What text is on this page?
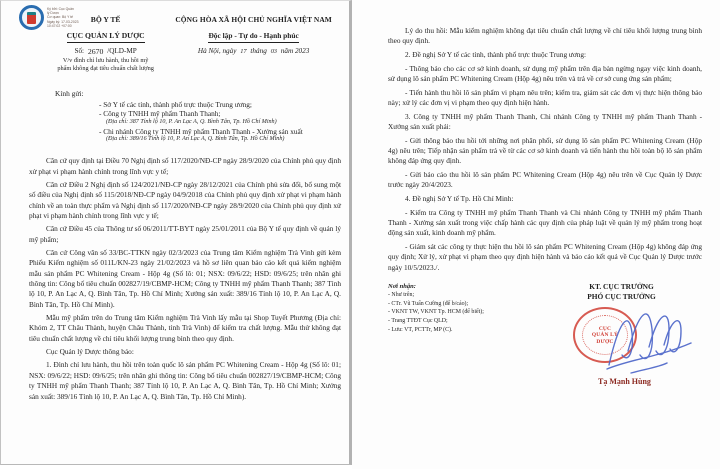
Ký bởi: Cục Quản
lý Dược
Cơ quan: Bộ Y tế
Ngày ký: 17-03-2023
10:47:02 +07:00
BỘ Y TẾ
CỤC QUẢN LÝ DƯỢC
Số: 2670 /QLD-MP
V/v đình chỉ lưu hành, thu hồi mỹ
phẩm không đạt tiêu chuẩn chất lượng
CỘNG HÒA XÃ HỘI CHỦ NGHĨA VIỆT NAM
Độc lập - Tự do - Hạnh phúc
Hà Nội, ngày 17 tháng 03 năm 2023
Kính gửi:
- Sở Y tế các tỉnh, thành phố trực thuộc Trung ương;
- Công ty TNHH mỹ phẩm Thanh Thanh;
(Địa chỉ: 387 Tỉnh lộ 10, P. An Lạc A, Q. Bình Tân, Tp. Hồ Chí Minh)
- Chi nhánh Công ty TNHH mỹ phẩm Thanh Thanh - Xưởng sản xuất
(Địa chỉ: 389/16 Tỉnh lộ 10, P. An Lạc A, Q. Bình Tân, Tp. Hồ Chí Minh)

Căn cứ quy định tại Điều 70 Nghị định số 117/2020/NĐ-CP ngày 28/9/2020 của Chính phủ quy định xử phạt vi phạm hành chính trong lĩnh vực y tế;

Căn cứ Điều 2 Nghị định số 124/2021/NĐ-CP ngày 28/12/2021 của Chính phủ sửa đổi, bổ sung một số điều của Nghị định số 115/2018/NĐ-CP ngày 04/9/2018 của Chính phủ quy định xử phạt vi phạm hành chính về an toàn thực phẩm và Nghị định số 117/2020/NĐ-CP ngày 28/9/2020 của Chính phủ quy định xử phạt vi phạm hành chính trong lĩnh vực y tế;

Căn cứ Điều 45 của Thông tư số 06/2011/TT-BYT ngày 25/01/2011 của Bộ Y tế quy định về quản lý mỹ phẩm;

Căn cứ Công văn số 33/BC-TTKN ngày 02/3/2023 của Trung tâm Kiểm nghiệm Trà Vinh gửi kèm Phiếu Kiểm nghiệm số 011L/KN-23 ngày 21/02/2023 và hồ sơ liên quan báo cáo kết quả kiểm nghiệm mẫu sản phẩm PC Whitening Cream - Hộp 4g (Số lô: 01; NSX: 09/6/22; HSD: 09/6/25; trên nhãn ghi thông tin: Công bố tiêu chuẩn 002827/19/CBMP-HCM; Công ty TNHH mỹ phẩm Thanh Thanh; 387 Tỉnh lộ 10, P. An Lạc A, Q. Bình Tân, Tp. Hồ Chí Minh; Xưởng sản xuất: 389/16 Tỉnh lộ 10, P. An Lạc A, Q. Bình Tân, Tp. Hồ Chí Minh).

Mẫu mỹ phẩm trên do Trung tâm Kiểm nghiệm Trà Vinh lấy mẫu tại Shop Tuyết Phương (Địa chỉ: Khóm 2, TT Châu Thành, huyện Châu Thành, tỉnh Trà Vinh) để kiểm tra chất lượng. Mẫu thử không đạt tiêu chuẩn chất lượng về chỉ tiêu khối lượng trung bình theo quy định.

Cục Quản lý Dược thông báo:

1. Đình chỉ lưu hành, thu hồi trên toàn quốc lô sản phẩm PC Whitening Cream - Hộp 4g (Số lô: 01; NSX: 09/6/22; HSD: 09/6/25; trên nhãn ghi thông tin: Công bố tiêu chuẩn 002827/19/CBMP-HCM; Công ty TNHH mỹ phẩm Thanh Thanh; 387 Tỉnh lộ 10, P. An Lạc A, Q. Bình Tân, Tp. Hồ Chí Minh; Xưởng sản xuất: 389/16 Tỉnh lộ 10, P. An Lạc A, Q. Bình Tân, Tp. Hồ Chí Minh).

Lý do thu hồi: Mẫu kiểm nghiệm không đạt tiêu chuẩn chất lượng về chỉ tiêu khối lượng trung bình theo quy định.

2. Đề nghị Sở Y tế các tỉnh, thành phố trực thuộc Trung ương:

- Thông báo cho các cơ sở kinh doanh, sử dụng mỹ phẩm trên địa bàn ngừng ngay việc kinh doanh, sử dụng lô sản phẩm PC Whitening Cream (Hộp 4g) nêu trên và trả về cơ sở cung ứng sản phẩm;

- Tiến hành thu hồi lô sản phẩm vi phạm nêu trên; kiểm tra, giám sát các đơn vị thực hiện thông báo này; xử lý các đơn vị vi phạm theo quy định hiện hành.

3. Công ty TNHH mỹ phẩm Thanh Thanh, Chi nhánh Công ty TNHH mỹ phẩm Thanh Thanh - Xưởng sản xuất phải:

- Gửi thông báo thu hồi tới những nơi phân phối, sử dụng lô sản phẩm PC Whitening Cream (Hộp 4g) nêu trên; Tiếp nhận sản phẩm trả về từ các cơ sở kinh doanh và tiến hành thu hồi toàn bộ lô sản phẩm không đáp ứng quy định.

- Gửi báo cáo thu hồi lô sản phẩm PC Whitening Cream (Hộp 4g) nêu trên về Cục Quản lý Dược trước ngày 20/4/2023.

4. Đề nghị Sở Y tế Tp. Hồ Chí Minh:

- Kiểm tra Công ty TNHH mỹ phẩm Thanh Thanh và Chi nhánh Công ty TNHH mỹ phẩm Thanh Thanh - Xưởng sản xuất trong việc chấp hành các quy định của pháp luật về quản lý mỹ phẩm trong hoạt động sản xuất, kinh doanh mỹ phẩm.

- Giám sát các công ty thực hiện thu hồi lô sản phẩm PC Whitening Cream (Hộp 4g) không đáp ứng quy định; Xử lý, xử phạt vi phạm theo quy định hiện hành và báo cáo kết quả về Cục Quản lý Dược trước ngày 10/5/2023./.

Nơi nhận:
- Như trên;
- CTr. Vũ Tuấn Cường (để b/cáo);
- VKNT TW, VKNT Tp. HCM (để biết);
- Trang TTĐT Cục QLD;
- Lưu: VT, PCTTr, MP (C).
KT. CỤC TRƯỞNG
PHÓ CỤC TRƯỞNG
CỤC
QUẢN LÝ
DƯỢC
Tạ Mạnh Hùng
